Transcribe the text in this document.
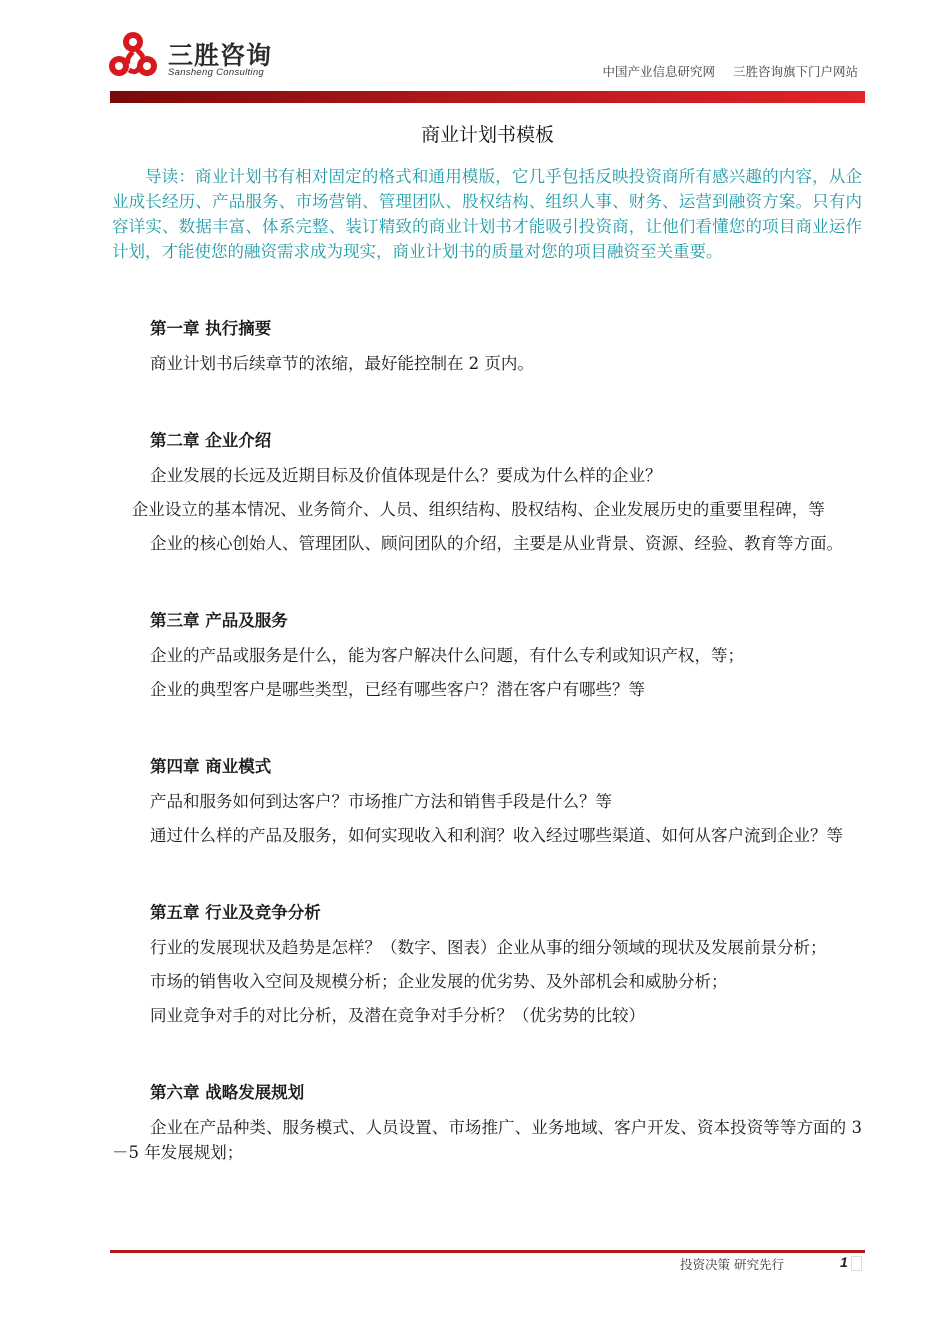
三胜咨询
Sansheng Consulting	中国产业信息研究网 三胜咨询旗下门户网站
商业计划书模板

导读：商业计划书有相对固定的格式和通用模版，它几乎包括反映投资商所有感兴趣的内容，从企业成长经历、产品服务、市场营销、管理团队、股权结构、组织人事、财务、运营到融资方案。只有内容详实、数据丰富、体系完整、装订精致的商业计划书才能吸引投资商，让他们看懂您的项目商业运作计划，才能使您的融资需求成为现实，商业计划书的质量对您的项目融资至关重要。

第一章 执行摘要

商业计划书后续章节的浓缩，最好能控制在 2 页内。

第二章 企业介绍

企业发展的长远及近期目标及价值体现是什么？要成为什么样的企业？

企业设立的基本情况、业务简介、人员、组织结构、股权结构、企业发展历史的重要里程碑，等

企业的核心创始人、管理团队、顾问团队的介绍，主要是从业背景、资源、经验、教育等方面。

第三章 产品及服务

企业的产品或服务是什么，能为客户解决什么问题，有什么专利或知识产权，等；

企业的典型客户是哪些类型，已经有哪些客户？潜在客户有哪些？等

第四章 商业模式

产品和服务如何到达客户？市场推广方法和销售手段是什么？等

通过什么样的产品及服务，如何实现收入和利润？收入经过哪些渠道、如何从客户流到企业？等

第五章 行业及竞争分析

行业的发展现状及趋势是怎样？（数字、图表）企业从事的细分领域的现状及发展前景分析；

市场的销售收入空间及规模分析；企业发展的优劣势、及外部机会和威胁分析；

同业竞争对手的对比分析，及潜在竞争对手分析？（优劣势的比较）

第六章 战略发展规划

企业在产品种类、服务模式、人员设置、市场推广、业务地域、客户开发、资本投资等等方面的 3－5 年发展规划；

投资决策 研究先行	1
